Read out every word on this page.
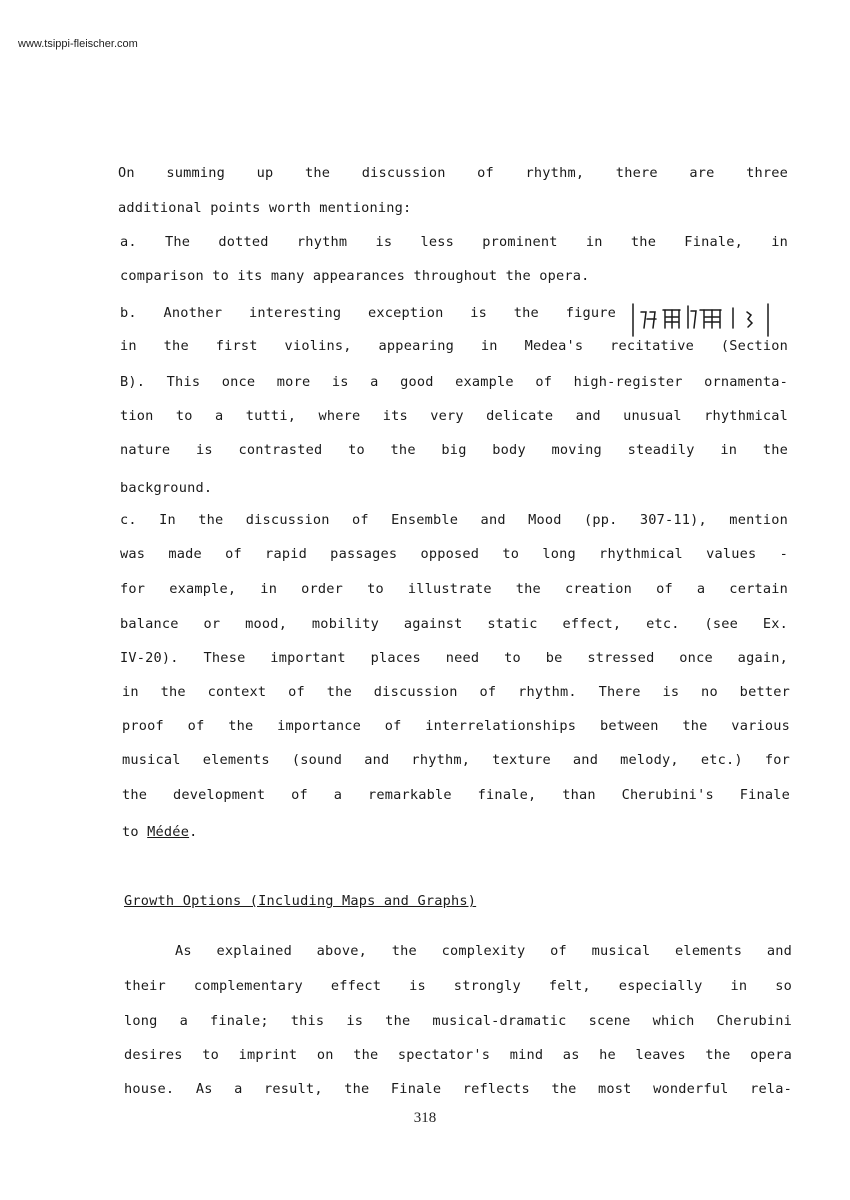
www.tsippi-fleischer.com
On summing up the discussion of rhythm, there are three
additional points worth mentioning:
a. The dotted rhythm is less prominent in the Finale, in
comparison to its many appearances throughout the opera.
b. Another interesting exception is the figure
in the first violins, appearing in Medea's recitative (Section
B). This once more is a good example of high-register ornamenta-
tion to a tutti, where its very delicate and unusual rhythmical
nature is contrasted to the big body moving steadily in the
background.
c. In the discussion of Ensemble and Mood (pp. 307-11), mention
was made of rapid passages opposed to long rhythmical values -
for example, in order to illustrate the creation of a certain
balance or mood, mobility against static effect, etc. (see Ex.
IV-20). These important places need to be stressed once again,
in the context of the discussion of rhythm. There is no better
proof of the importance of interrelationships between the various
musical elements (sound and rhythm, texture and melody, etc.) for
the development of a remarkable finale, than Cherubini's Finale
to Médée.
Growth Options (Including Maps and Graphs)
As explained above, the complexity of musical elements and
their complementary effect is strongly felt, especially in so
long a finale; this is the musical-dramatic scene which Cherubini
desires to imprint on the spectator's mind as he leaves the opera
house. As a result, the Finale reflects the most wonderful rela-
318
